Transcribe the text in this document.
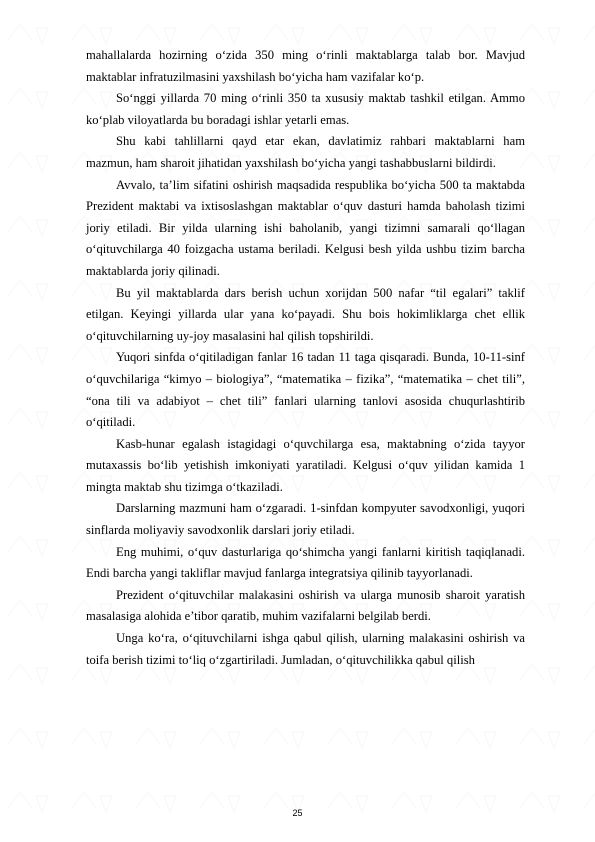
mahallalarda hozirning o‘zida 350 ming o‘rinli maktablarga talab bor. Mavjud maktablar infratuzilmasini yaxshilash bo‘yicha ham vazifalar ko‘p.

So‘nggi yillarda 70 ming o‘rinli 350 ta xususiy maktab tashkil etilgan. Ammo ko‘plab viloyatlarda bu boradagi ishlar yetarli emas.

Shu kabi tahlillarni qayd etar ekan, davlatimiz rahbari maktablarni ham mazmun, ham sharoit jihatidan yaxshilash bo‘yicha yangi tashabbuslarni bildirdi.

Avvalo, ta’lim sifatini oshirish maqsadida respublika bo‘yicha 500 ta maktabda Prezident maktabi va ixtisoslashgan maktablar o‘quv dasturi hamda baholash tizimi joriy etiladi. Bir yilda ularning ishi baholanib, yangi tizimni samarali qo‘llagan o‘qituvchilarga 40 foizgacha ustama beriladi. Kelgusi besh yilda ushbu tizim barcha maktablarda joriy qilinadi.

Bu yil maktablarda dars berish uchun xorijdan 500 nafar “til egalari” taklif etilgan. Keyingi yillarda ular yana ko‘payadi. Shu bois hokimliklarga chet ellik o‘qituvchilarning uy-joy masalasini hal qilish topshirildi.

Yuqori sinfda o‘qitiladigan fanlar 16 tadan 11 taga qisqaradi. Bunda, 10-11-sinf o‘quvchilariga “kimyo – biologiya”, “matematika – fizika”, “matematika – chet tili”, “ona tili va adabiyot – chet tili” fanlari ularning tanlovi asosida chuqurlashtirib o‘qitiladi.

Kasb-hunar egalash istagidagi o‘quvchilarga esa, maktabning o‘zida tayyor mutaxassis bo‘lib yetishish imkoniyati yaratiladi. Kelgusi o‘quv yilidan kamida 1 mingta maktab shu tizimga o‘tkaziladi.

Darslarning mazmuni ham o‘zgaradi. 1-sinfdan kompyuter savodxonligi, yuqori sinflarda moliyaviy savodxonlik darslari joriy etiladi.

Eng muhimi, o‘quv dasturlariga qo‘shimcha yangi fanlarni kiritish taqiqlanadi. Endi barcha yangi takliflar mavjud fanlarga integratsiya qilinib tayyorlanadi.

Prezident o‘qituvchilar malakasini oshirish va ularga munosib sharoit yaratish masalasiga alohida e’tibor qaratib, muhim vazifalarni belgilab berdi.

Unga ko‘ra, o‘qituvchilarni ishga qabul qilish, ularning malakasini oshirish va toifa berish tizimi to‘liq o‘zgartiriladi. Jumladan, o‘qituvchilikka qabul qilish

25
